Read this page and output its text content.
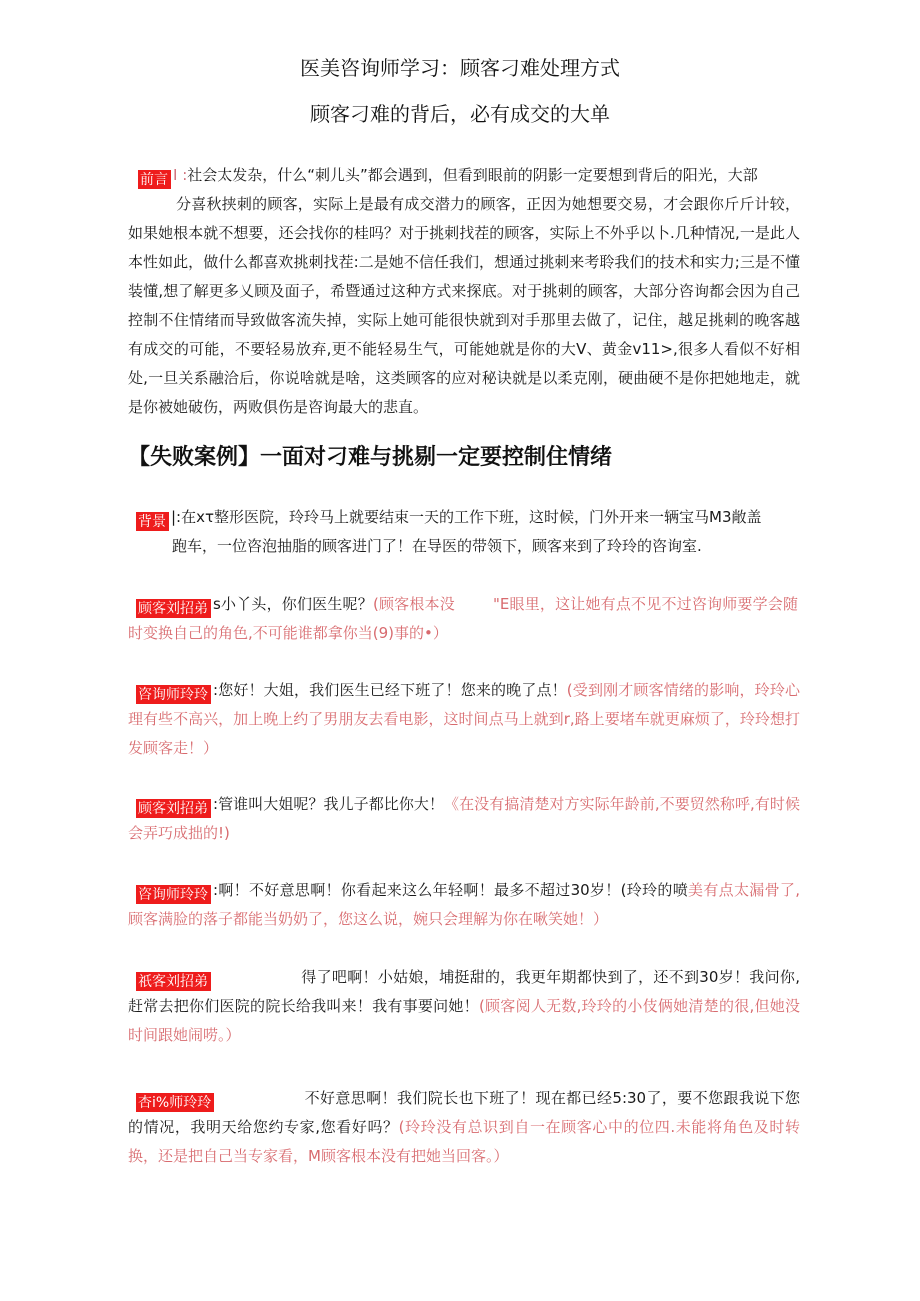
医美咨询师学习：顾客刁难处理方式
顾客刁难的背后，必有成交的大单
前言 I :社会太发杂，什么“刺儿头”都会遇到，但看到眼前的阴影一定要想到背后的阳光，大部

分喜秋挟刺的顾客，实际上是最有成交潜力的顾客，正因为她想要交易，才会跟你斤斤计较，如果她根本就不想要，还会找你的桂吗？对于挑刺找茬的顾客，实际上不外乎以卜.几种情况,一是此人本性如此，做什么都喜欢挑刺找茬:二是她不信任我们，想通过挑刺来考聆我们的技术和实力;三是不懂装懂,想了解更多乂顾及面子，希暨通过这种方式来探底。对于挑刺的顾客，大部分咨询都会因为自己控制不住情绪而导致做客流失掉，实际上她可能很快就到对手那里去做了，记住，越足挑刺的晚客越有成交的可能，不要轻易放弃,更不能轻易生气，可能她就是你的大V、黄金v11>,很多人看似不好相处,一旦关系融洽后，你说啥就是啥，这类顾客的应对秘诀就是以柔克刚，硬曲硬不是你把她地走，就是你被她破伤，两败俱伤是咨询最大的悲直。

【失败案例】一面对刁难与挑剔一定要控制住情绪
背景 |:在xτ整形医院，玲玲马上就要结束一天的工作下班，这时候，门外开来一辆宝马M3敞盖
跑车，一位咨泡抽脂的顾客进门了！在导医的带领下，顾客来到了玲玲的咨询室.

顾客刘招弟 s小丫头，你们医生呢？(顾客根本没	"E眼里，这让她有点不见不过咨询师要学会随时变换自己的角色,不可能谁都拿你当(9)事的•）

咨询师玲玲 :您好！大姐，我们医生已经下班了！您来的晚了点！(受到刚才顾客情绪的影响，玲玲心理有些不高兴，加上晚上约了男朋友去看电影，这时间点马上就到r,路上要堵车就更麻烦了，玲玲想打发顾客走！）

顾客刘招弟 :管谁叫大姐呢？我儿子都比你大！《在没有搞清楚对方实际年龄前,不要贸然称呼,有时候会弄巧成拙的!)

咨询师玲玲 :啊！不好意思啊！你看起来这么年轻啊！最多不超过30岁！(玲玲的喷美有点太漏骨了,顾客满脸的落子都能当奶奶了，您这么说，婉只会理解为你在啾笑她！）

祇客刘招弟	得了吧啊！小姑娘，埔挺甜的，我更年期都快到了，还不到30岁！我问你,赶常去把你们医院的院长给我叫来！我有事要问她！(顾客阅人无数,玲玲的小伎俩她清楚的很,但她没时间跟她闹唠。）

杏i%师玲玲	不好意思啊！我们院长也下班了！现在都已经5:30了，要不您跟我说下您的情况，我明天给您约专家,您看好吗？(玲玲没有总识到自一在顾客心中的位四.未能将角色及时转换，还是把自己当专家看，M顾客根本没有把她当回客。）
